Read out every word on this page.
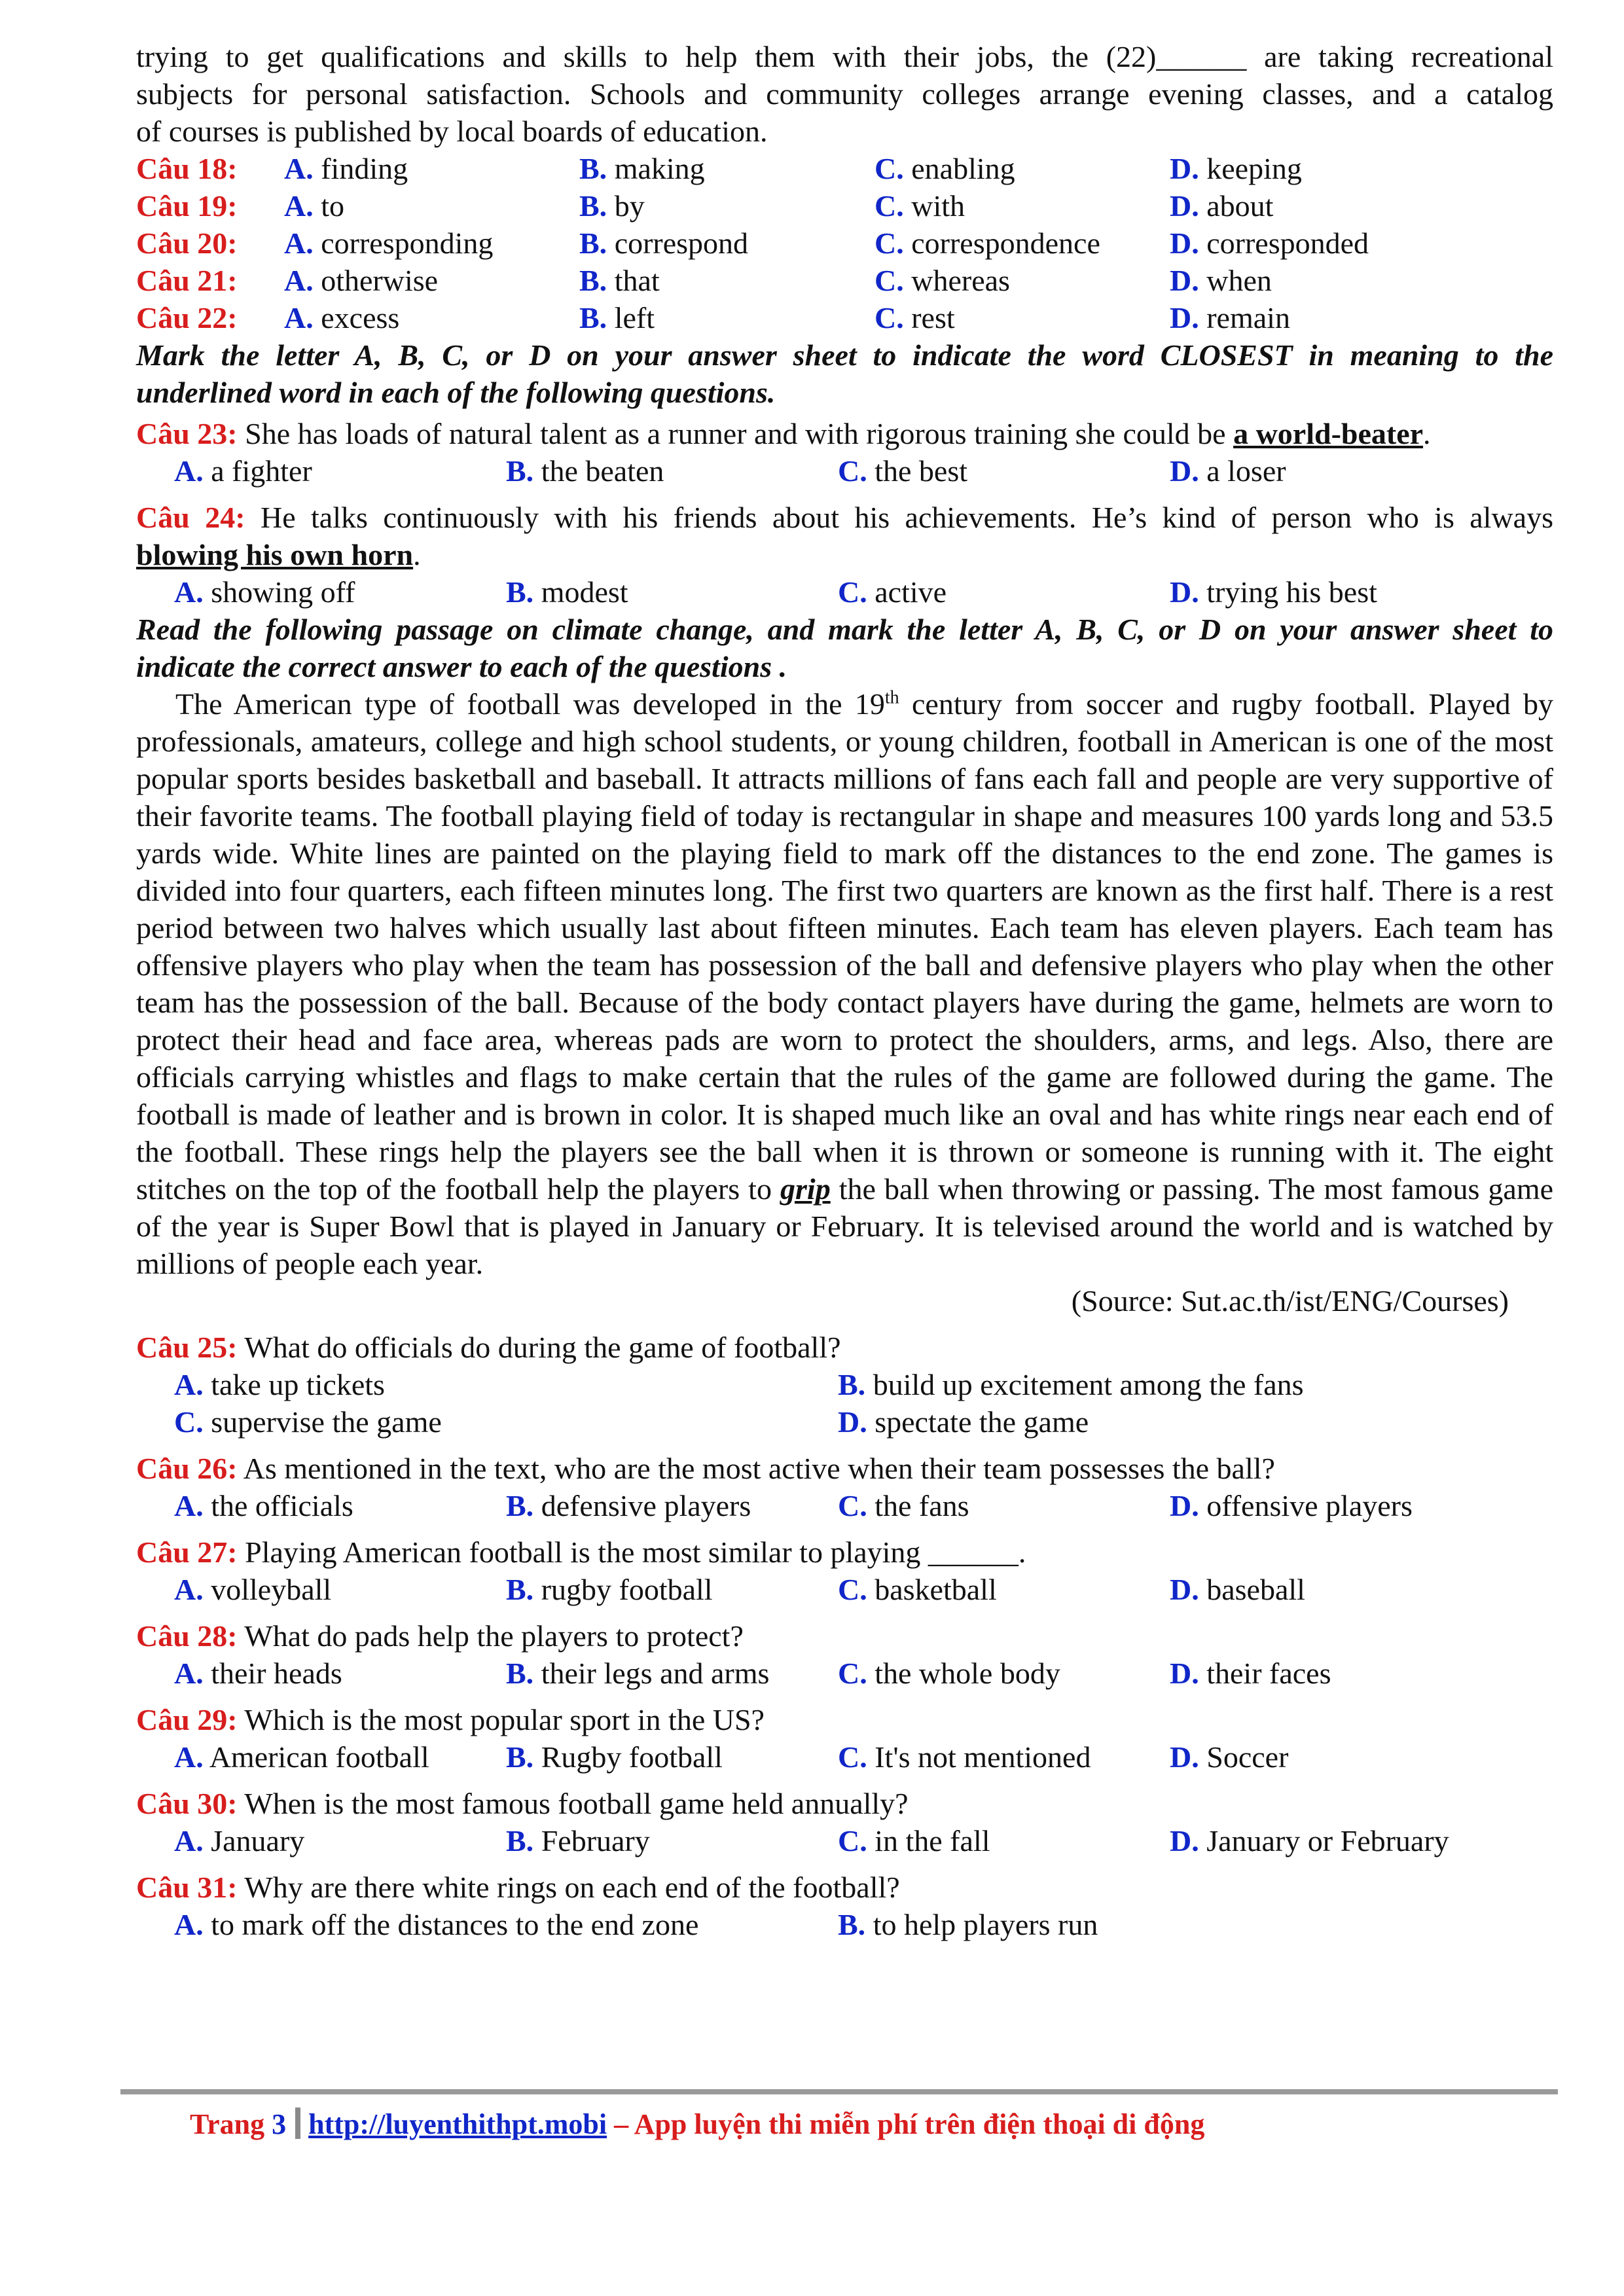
trying to get qualifications and skills to help them with their jobs, the (22)______ are taking recreational
subjects for personal satisfaction. Schools and community colleges arrange evening classes, and a catalog
of courses is published by local boards of education.
Câu 18:	A. finding	B. making	C. enabling	D. keeping
Câu 19:	A. to	B. by	C. with	D. about
Câu 20:	A. corresponding	B. correspond	C. correspondence	D. corresponded
Câu 21:	A. otherwise	B. that	C. whereas	D. when
Câu 22:	A. excess	B. left	C. rest	D. remain
Mark the letter A, B, C, or D on your answer sheet to indicate the word CLOSEST in meaning to the
underlined word in each of the following questions.
Câu 23: She has loads of natural talent as a runner and with rigorous training she could be a world-beater.
A. a fighter	B. the beaten	C. the best	D. a loser
Câu 24: He talks continuously with his friends about his achievements. He’s kind of person who is always
blowing his own horn.
A. showing off	B. modest	C. active	D. trying his best
Read the following passage on climate change, and mark the letter A, B, C, or D on your answer sheet to
indicate the correct answer to each of the questions .
The American type of football was developed in the 19th century from soccer and rugby football. Played by professionals, amateurs, college and high school students, or young children, football in American is one of the most popular sports besides basketball and baseball. It attracts millions of fans each fall and people are very supportive of their favorite teams. The football playing field of today is rectangular in shape and measures 100 yards long and 53.5 yards wide. White lines are painted on the playing field to mark off the distances to the end zone. The games is divided into four quarters, each fifteen minutes long. The first two quarters are known as the first half. There is a rest period between two halves which usually last about fifteen minutes. Each team has eleven players. Each team has offensive players who play when the team has possession of the ball and defensive players who play when the other team has the possession of the ball. Because of the body contact players have during the game, helmets are worn to protect their head and face area, whereas pads are worn to protect the shoulders, arms, and legs. Also, there are officials carrying whistles and flags to make certain that the rules of the game are followed during the game. The football is made of leather and is brown in color. It is shaped much like an oval and has white rings near each end of the football. These rings help the players see the ball when it is thrown or someone is running with it. The eight stitches on the top of the football help the players to grip the ball when throwing or passing. The most famous game of the year is Super Bowl that is played in January or February. It is televised around the world and is watched by millions of people each year.
(Source: Sut.ac.th/ist/ENG/Courses)
Câu 25: What do officials do during the game of football?
A. take up tickets	B. build up excitement among the fans
C. supervise the game	D. spectate the game
Câu 26: As mentioned in the text, who are the most active when their team possesses the ball?
A. the officials	B. defensive players	C. the fans	D. offensive players
Câu 27: Playing American football is the most similar to playing ______.
A. volleyball	B. rugby football	C. basketball	D. baseball
Câu 28: What do pads help the players to protect?
A. their heads	B. their legs and arms	C. the whole body	D. their faces
Câu 29: Which is the most popular sport in the US?
A. American football	B. Rugby football	C. It's not mentioned	D. Soccer
Câu 30: When is the most famous football game held annually?
A. January	B. February	C. in the fall	D. January or February
Câu 31: Why are there white rings on each end of the football?
A. to mark off the distances to the end zone	B. to help players run
Trang 3 http://luyenthithpt.mobi – App luyện thi miễn phí trên điện thoại di động
